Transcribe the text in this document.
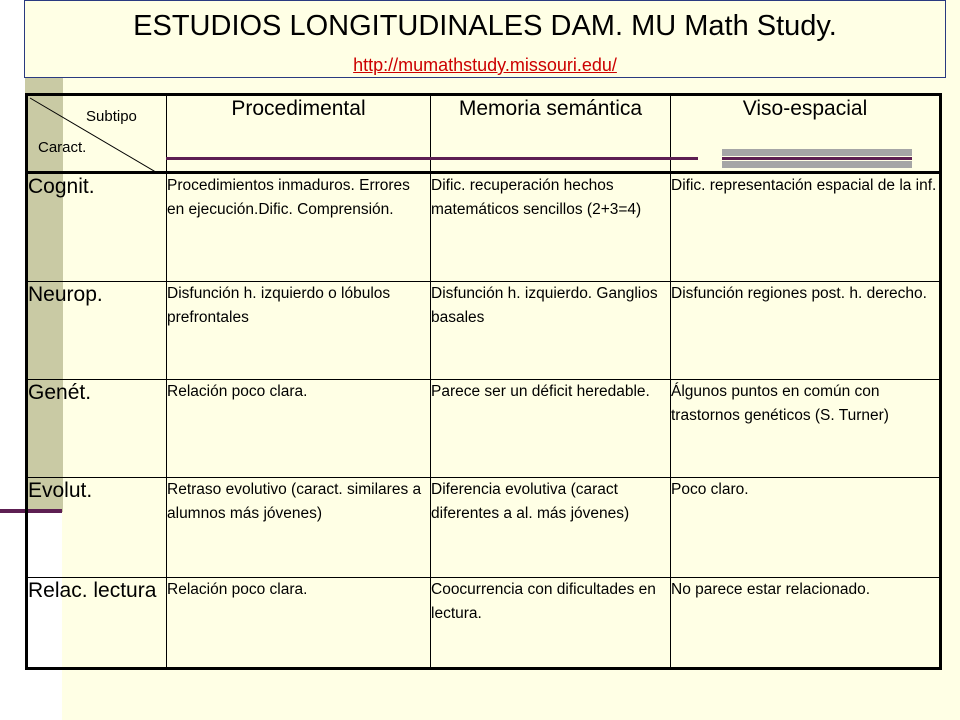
ESTUDIOS LONGITUDINALES DAM. MU Math Study.
http://mumathstudy.missouri.edu/
Subtipo
Caract.	Procedimental	Memoria semántica	Viso-espacial
Cognit.	Procedimientos inmaduros. Errores en ejecución.Dific. Comprensión.	Dific. recuperación hechos matemáticos sencillos (2+3=4)	Dific. representación espacial de la inf.
Neurop.	Disfunción h. izquierdo o lóbulos prefrontales	Disfunción h. izquierdo. Ganglios basales	Disfunción regiones post. h. derecho.
Genét.	Relación poco clara.	Parece ser un déficit heredable.	Álgunos puntos en común con trastornos genéticos (S. Turner)
Evolut.	Retraso evolutivo (caract. similares a alumnos más jóvenes)	Diferencia evolutiva (caract diferentes a al. más jóvenes)	Poco claro.
Relac. lectura	Relación poco clara.	Coocurrencia con dificultades en lectura.	No parece estar relacionado.
